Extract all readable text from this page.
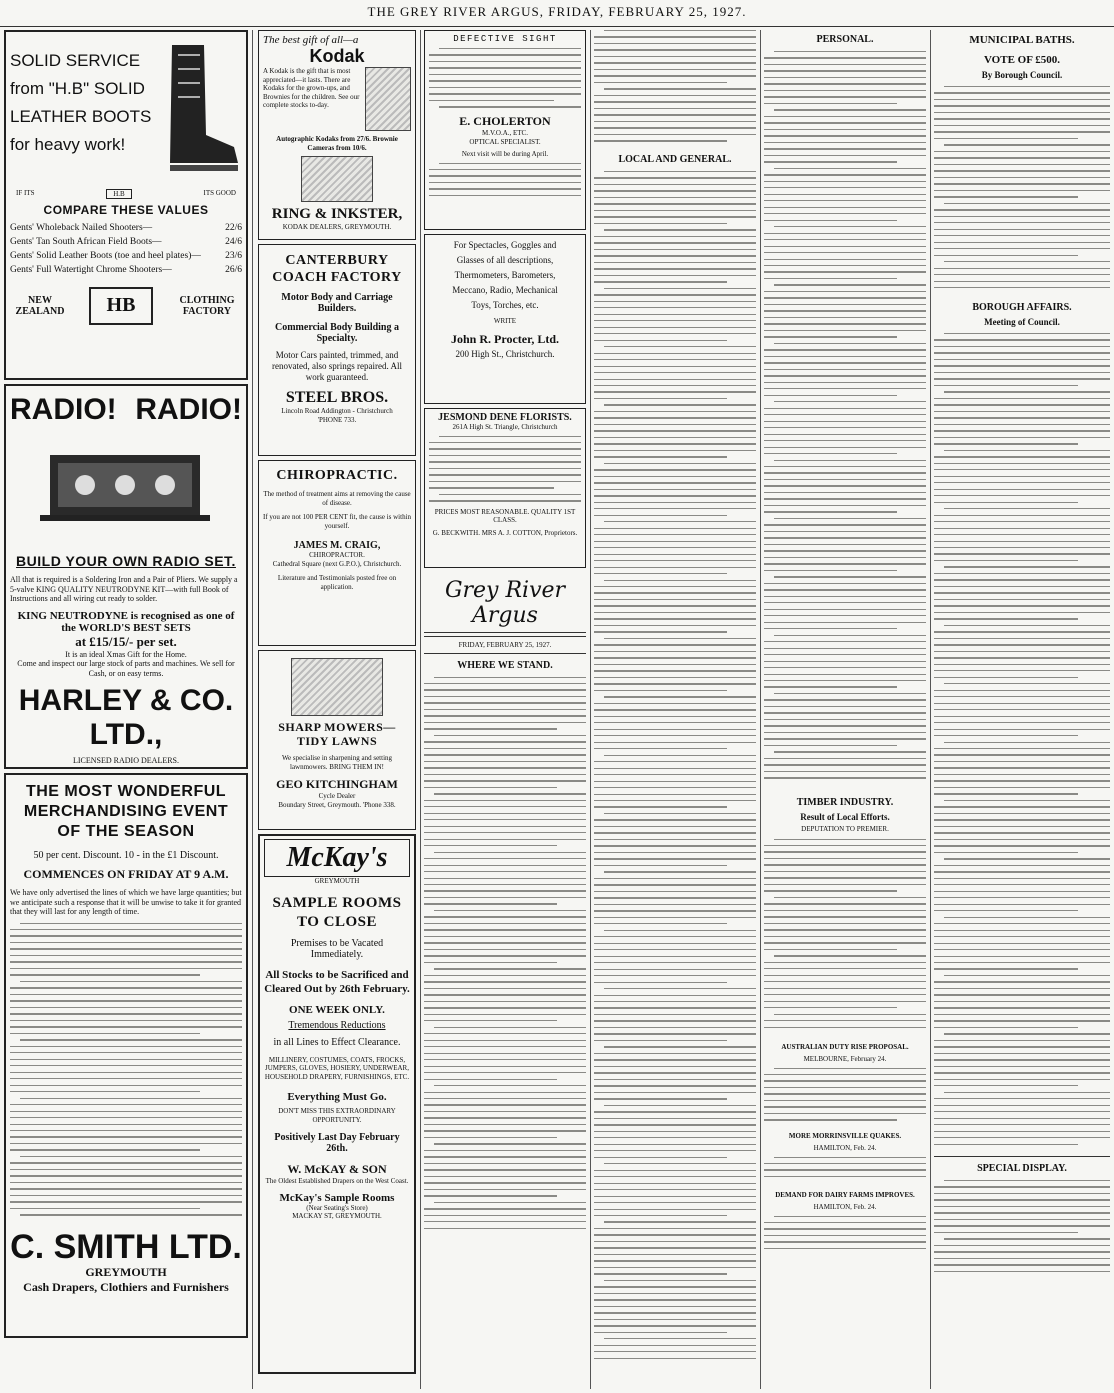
THE GREY RIVER ARGUS, FRIDAY, FEBRUARY 25, 1927.
SOLID SERVICE
from "H.B" SOLID
LEATHER BOOTS
for heavy work!
IF ITS	H.B	ITS GOOD
COMPARE THESE VALUES
Gents' Wholeback Nailed Shooters—	22/6
Gents' Tan South African Field Boots—	24/6
Gents' Solid Leather Boots (toe and heel plates)—	23/6
Gents' Full Watertight Chrome Shooters—	26/6
NEW ZEALAND	HB	CLOTHING FACTORY
RADIO! RADIO!
BUILD YOUR OWN RADIO SET.
All that is required is a Soldering Iron and a Pair of Pliers. We supply a 5-valve KING QUALITY NEUTRODYNE KIT—with full Book of Instructions and all wiring cut ready to solder.
KING NEUTRODYNE is recognised as one of the WORLD'S BEST SETS
at £15/15/- per set.
It is an ideal Xmas Gift for the Home.
Come and inspect our large stock of parts and machines. We sell for Cash, or on easy terms.
HARLEY & CO. LTD.,
LICENSED RADIO DEALERS.
THE MOST WONDERFUL MERCHANDISING EVENT OF THE SEASON
50 per cent. Discount. 10 - in the £1 Discount.
COMMENCES ON FRIDAY AT 9 A.M.
We have only advertised the lines of which we have large quantities; but we anticipate such a response that it will be unwise to take it for granted that they will last for any length of time.
C. SMITH LTD.
GREYMOUTH
Cash Drapers, Clothiers and Furnishers
The best gift of all—a
Kodak
A Kodak is the gift that is most appreciated—it lasts. There are Kodaks for the grown-ups, and Brownies for the children. See our complete stocks to-day.
Autographic Kodaks from 27/6. Brownie Cameras from 10/6.
RING & INKSTER,
KODAK DEALERS, GREYMOUTH.
CANTERBURY COACH FACTORY
Motor Body and Carriage Builders.
Commercial Body Building a Specialty.
Motor Cars painted, trimmed, and renovated, also springs repaired. All work guaranteed.
STEEL BROS.
Lincoln Road Addington - Christchurch
'PHONE 733.
CHIROPRACTIC.
The method of treatment aims at removing the cause of disease.
If you are not 100 PER CENT fit, the cause is within yourself.
JAMES M. CRAIG,
CHIROPRACTOR.
Cathedral Square (next G.P.O.), Christchurch.
Literature and Testimonials posted free on application.
SHARP MOWERS— TIDY LAWNS
We specialise in sharpening and setting lawnmowers. BRING THEM IN!
GEO KITCHINGHAM
Cycle Dealer
Boundary Street, Greymouth. 'Phone 338.
McKay's
GREYMOUTH
SAMPLE ROOMS TO CLOSE
Premises to be Vacated Immediately.
All Stocks to be Sacrificed and Cleared Out by 26th February.
ONE WEEK ONLY.
Tremendous Reductions
in all Lines to Effect Clearance.
MILLINERY, COSTUMES, COATS, FROCKS, JUMPERS, GLOVES, HOSIERY, UNDERWEAR, HOUSEHOLD DRAPERY, FURNISHINGS, ETC.
Everything Must Go.
DON'T MISS THIS EXTRAORDINARY OPPORTUNITY.
Positively Last Day February 26th.
W. McKAY & SON
The Oldest Established Drapers on the West Coast.
McKay's Sample Rooms
(Near Seating's Store)
MACKAY ST, GREYMOUTH.
DEFECTIVE SIGHT
E. CHOLERTON
M.V.O.A., ETC.
OPTICAL SPECIALIST.
Next visit will be during April.
For Spectacles, Goggles and
Glasses of all descriptions,
Thermometers, Barometers,
Meccano, Radio, Mechanical
Toys, Torches, etc.
WRITE
John R. Procter, Ltd.
200 High St., Christchurch.
JESMOND DENE FLORISTS.
261A High St. Triangle, Christchurch
PRICES MOST REASONABLE. QUALITY 1ST CLASS.
G. BECKWITH. MRS A. J. COTTON, Proprietors.
Grey River Argus
FRIDAY, FEBRUARY 25, 1927.
WHERE WE STAND.
LOCAL AND GENERAL.
PERSONAL.
TIMBER INDUSTRY.
Result of Local Efforts.
DEPUTATION TO PREMIER.
AUSTRALIAN DUTY RISE PROPOSAL.
MELBOURNE, February 24.
MORE MORRINSVILLE QUAKES.
HAMILTON, Feb. 24.
DEMAND FOR DAIRY FARMS IMPROVES.
HAMILTON, Feb. 24.
MUNICIPAL BATHS.
VOTE OF £500.
By Borough Council.
BOROUGH AFFAIRS.
Meeting of Council.
SPECIAL DISPLAY.
